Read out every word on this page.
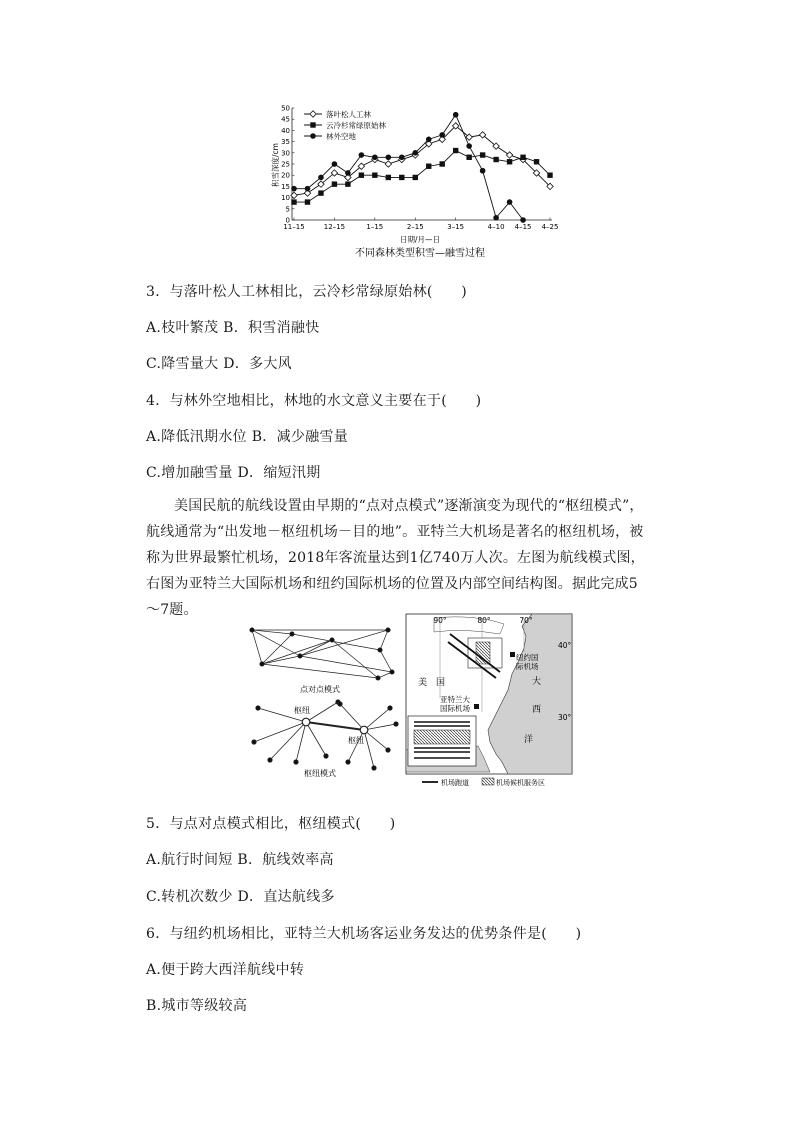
0
5
10
15
20
25
30
35
40
45
50
11–15	12–15	1–15	2–15	3–15	4–10 4–15 4–25
落叶松人工林
云冷杉常绿原始林
林外空地
积雪深度/cm
日期/月—日
不同森林类型积雪—融雪过程
3．与落叶松人工林相比，云冷杉常绿原始林(　　)
A.枝叶繁茂 B．积雪消融快
C.降雪量大 D．多大风
4．与林外空地相比，林地的水文意义主要在于(　　)
A.降低汛期水位 B．减少融雪量
C.增加融雪量 D．缩短汛期
美国民航的航线设置由早期的“点对点模式”逐渐演变为现代的“枢纽模式”，航线通常为“出发地－枢纽机场－目的地”。亚特兰大机场是著名的枢纽机场，被称为世界最繁忙机场，2018年客流量达到1亿740万人次。左图为航线模式图，右图为亚特兰大国际机场和纽约国际机场的位置及内部空间结构图。据此完成5～7题。
点对点模式
枢纽
枢纽
枢纽模式
90°	80°	70°
40°
30°
纽约国
际机场
美　国	大
西
洋
亚特兰大
国际机场
机场跑道	机场候机服务区
5．与点对点模式相比，枢纽模式(　　)
A.航行时间短 B．航线效率高
C.转机次数少 D．直达航线多
6．与纽约机场相比，亚特兰大机场客运业务发达的优势条件是(　　)
A.便于跨大西洋航线中转
B.城市等级较高
